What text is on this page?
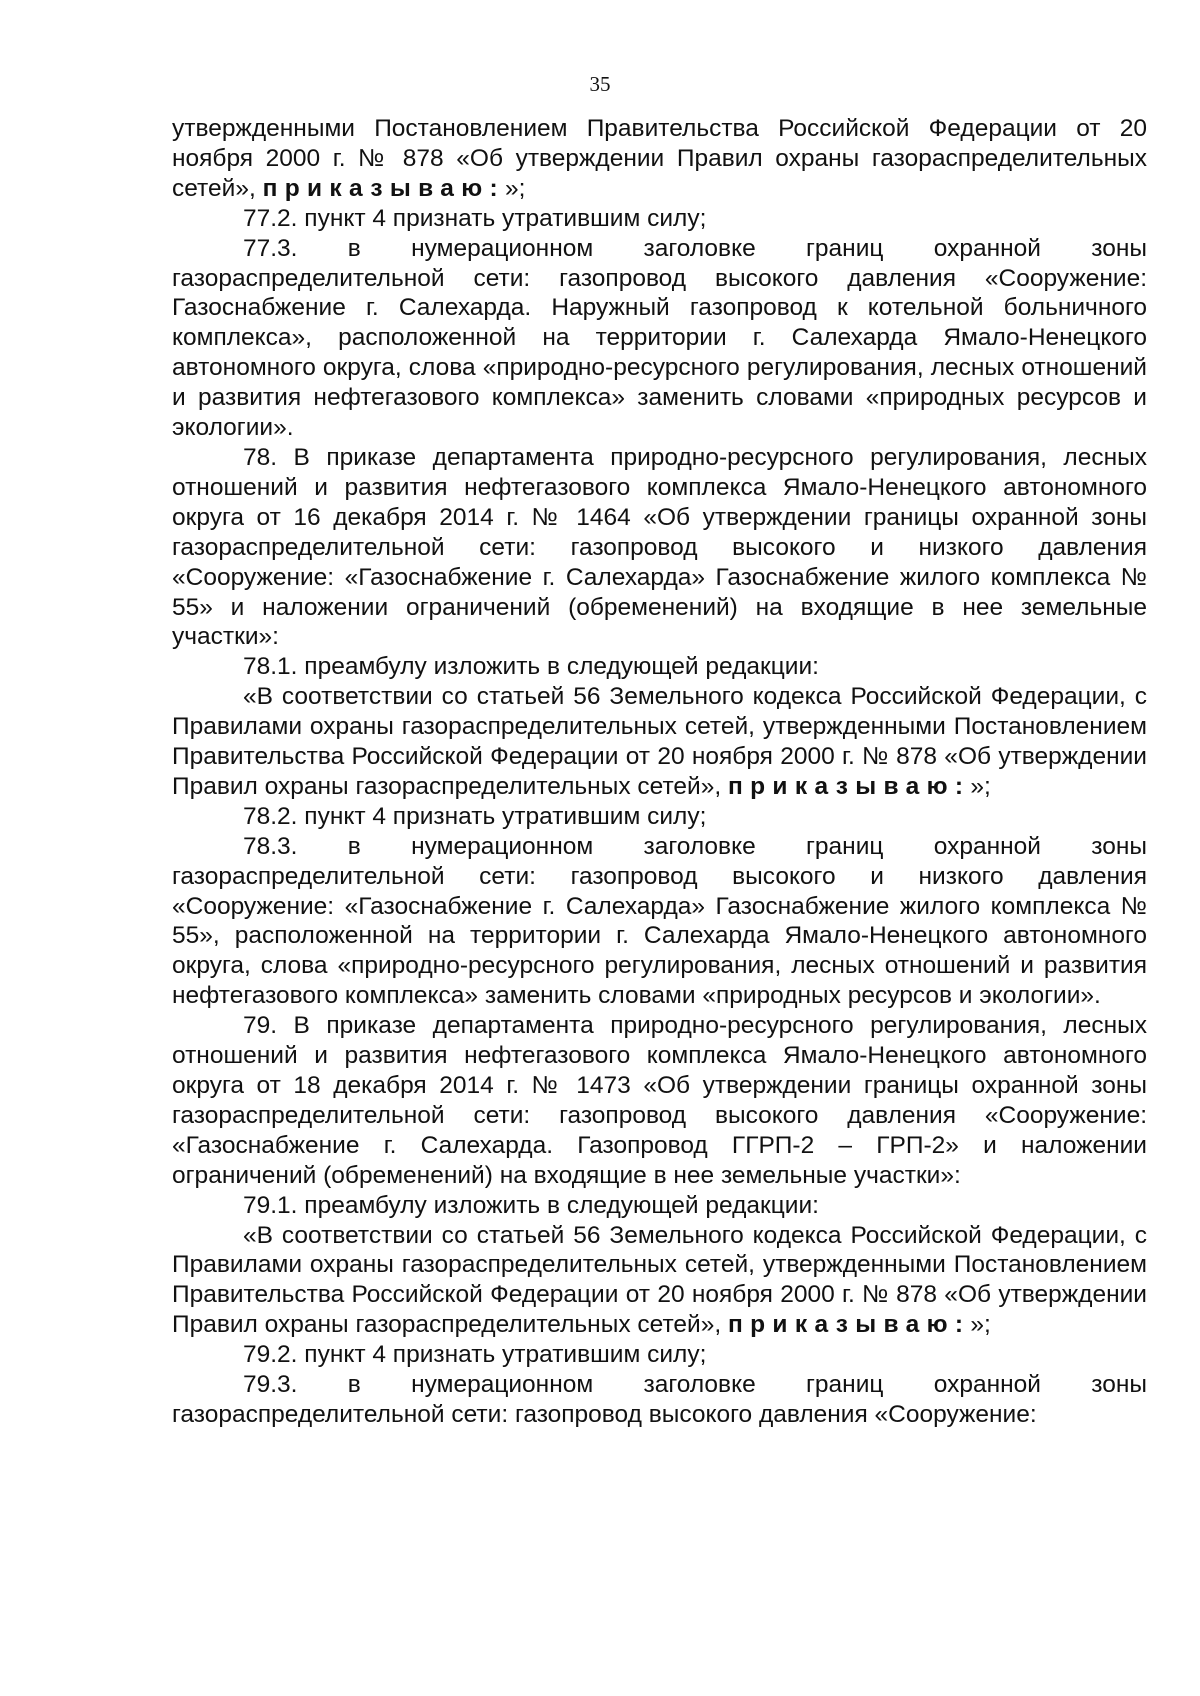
35

утвержденными Постановлением Правительства Российской Федерации от 20 ноября 2000 г. № 878 «Об утверждении Правил охраны газораспределительных сетей», приказываю:»;

77.2. пункт 4 признать утратившим силу;

77.3. в нумерационном заголовке границ охранной зоны газораспределительной сети: газопровод высокого давления «Сооружение: Газоснабжение г. Салехарда. Наружный газопровод к котельной больничного комплекса», расположенной на территории г. Салехарда Ямало-Ненецкого автономного округа, слова «природно-ресурсного регулирования, лесных отношений и развития нефтегазового комплекса» заменить словами «природных ресурсов и экологии».

78. В приказе департамента природно-ресурсного регулирования, лесных отношений и развития нефтегазового комплекса Ямало-Ненецкого автономного округа от 16 декабря 2014 г. № 1464 «Об утверждении границы охранной зоны газораспределительной сети: газопровод высокого и низкого давления «Сооружение: «Газоснабжение г. Салехарда» Газоснабжение жилого комплекса № 55» и наложении ограничений (обременений) на входящие в нее земельные участки»:

78.1. преамбулу изложить в следующей редакции:

«В соответствии со статьей 56 Земельного кодекса Российской Федерации, с Правилами охраны газораспределительных сетей, утвержденными Постановлением Правительства Российской Федерации от 20 ноября 2000 г. № 878 «Об утверждении Правил охраны газораспределительных сетей», приказываю:»;

78.2. пункт 4 признать утратившим силу;

78.3. в нумерационном заголовке границ охранной зоны газораспределительной сети: газопровод высокого и низкого давления «Сооружение: «Газоснабжение г. Салехарда» Газоснабжение жилого комплекса № 55», расположенной на территории г. Салехарда Ямало-Ненецкого автономного округа, слова «природно-ресурсного регулирования, лесных отношений и развития нефтегазового комплекса» заменить словами «природных ресурсов и экологии».

79. В приказе департамента природно-ресурсного регулирования, лесных отношений и развития нефтегазового комплекса Ямало-Ненецкого автономного округа от 18 декабря 2014 г. № 1473 «Об утверждении границы охранной зоны газораспределительной сети: газопровод высокого давления «Сооружение: «Газоснабжение г. Салехарда. Газопровод ГГРП-2 – ГРП-2» и наложении ограничений (обременений) на входящие в нее земельные участки»:

79.1. преамбулу изложить в следующей редакции:

«В соответствии со статьей 56 Земельного кодекса Российской Федерации, с Правилами охраны газораспределительных сетей, утвержденными Постановлением Правительства Российской Федерации от 20 ноября 2000 г. № 878 «Об утверждении Правил охраны газораспределительных сетей», приказываю:»;

79.2. пункт 4 признать утратившим силу;

79.3. в нумерационном заголовке границ охранной зоны газораспределительной сети: газопровод высокого давления «Сооружение:
